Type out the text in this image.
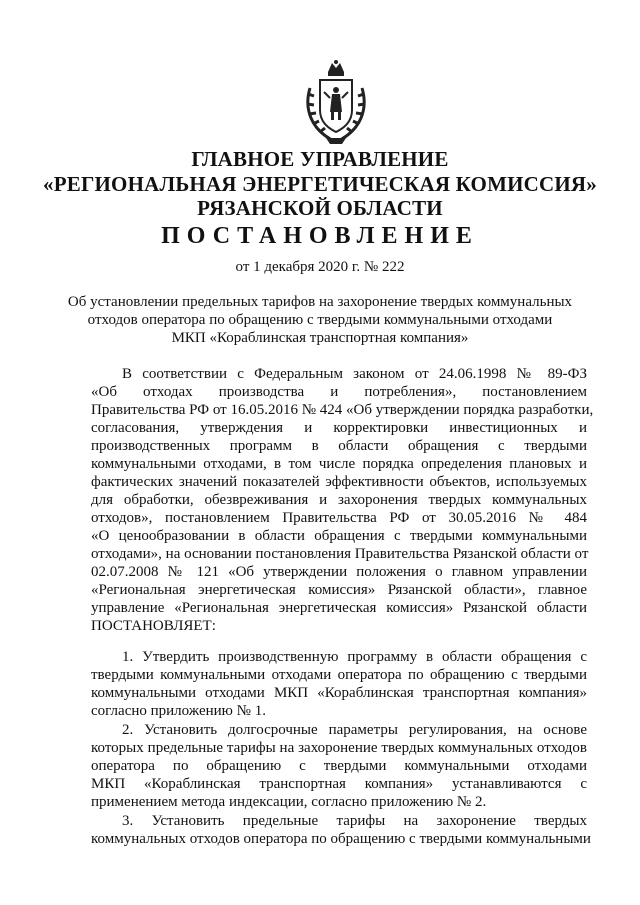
ГЛАВНОЕ УПРАВЛЕНИЕ
«РЕГИОНАЛЬНАЯ ЭНЕРГЕТИЧЕСКАЯ КОМИССИЯ»
РЯЗАНСКОЙ ОБЛАСТИ
ПОСТАНОВЛЕНИЕ
от 1 декабря 2020 г. № 222
Об установлении предельных тарифов на захоронение твердых коммунальных
отходов оператора по обращению с твердыми коммунальными отходами
МКП «Кораблинская транспортная компания»
В соответствии с Федеральным законом от 24.06.1998 № 89-ФЗ
«Об отходах производства и потребления», постановлением
Правительства РФ от 16.05.2016 № 424 «Об утверждении порядка разработки,
согласования, утверждения и корректировки инвестиционных и
производственных программ в области обращения с твердыми
коммунальными отходами, в том числе порядка определения плановых и
фактических значений показателей эффективности объектов, используемых
для обработки, обезвреживания и захоронения твердых коммунальных
отходов», постановлением Правительства РФ от 30.05.2016 № 484
«О ценообразовании в области обращения с твердыми коммунальными
отходами», на основании постановления Правительства Рязанской области от
02.07.2008 № 121 «Об утверждении положения о главном управлении
«Региональная энергетическая комиссия» Рязанской области», главное
управление «Региональная энергетическая комиссия» Рязанской области
ПОСТАНОВЛЯЕТ:
1. Утвердить производственную программу в области обращения с
твердыми коммунальными отходами оператора по обращению с твердыми
коммунальными отходами МКП «Кораблинская транспортная компания»
согласно приложению № 1.
2. Установить долгосрочные параметры регулирования, на основе
которых предельные тарифы на захоронение твердых коммунальных отходов
оператора по обращению с твердыми коммунальными отходами
МКП «Кораблинская транспортная компания» устанавливаются с
применением метода индексации, согласно приложению № 2.
3. Установить предельные тарифы на захоронение твердых
коммунальных отходов оператора по обращению с твердыми коммунальными
